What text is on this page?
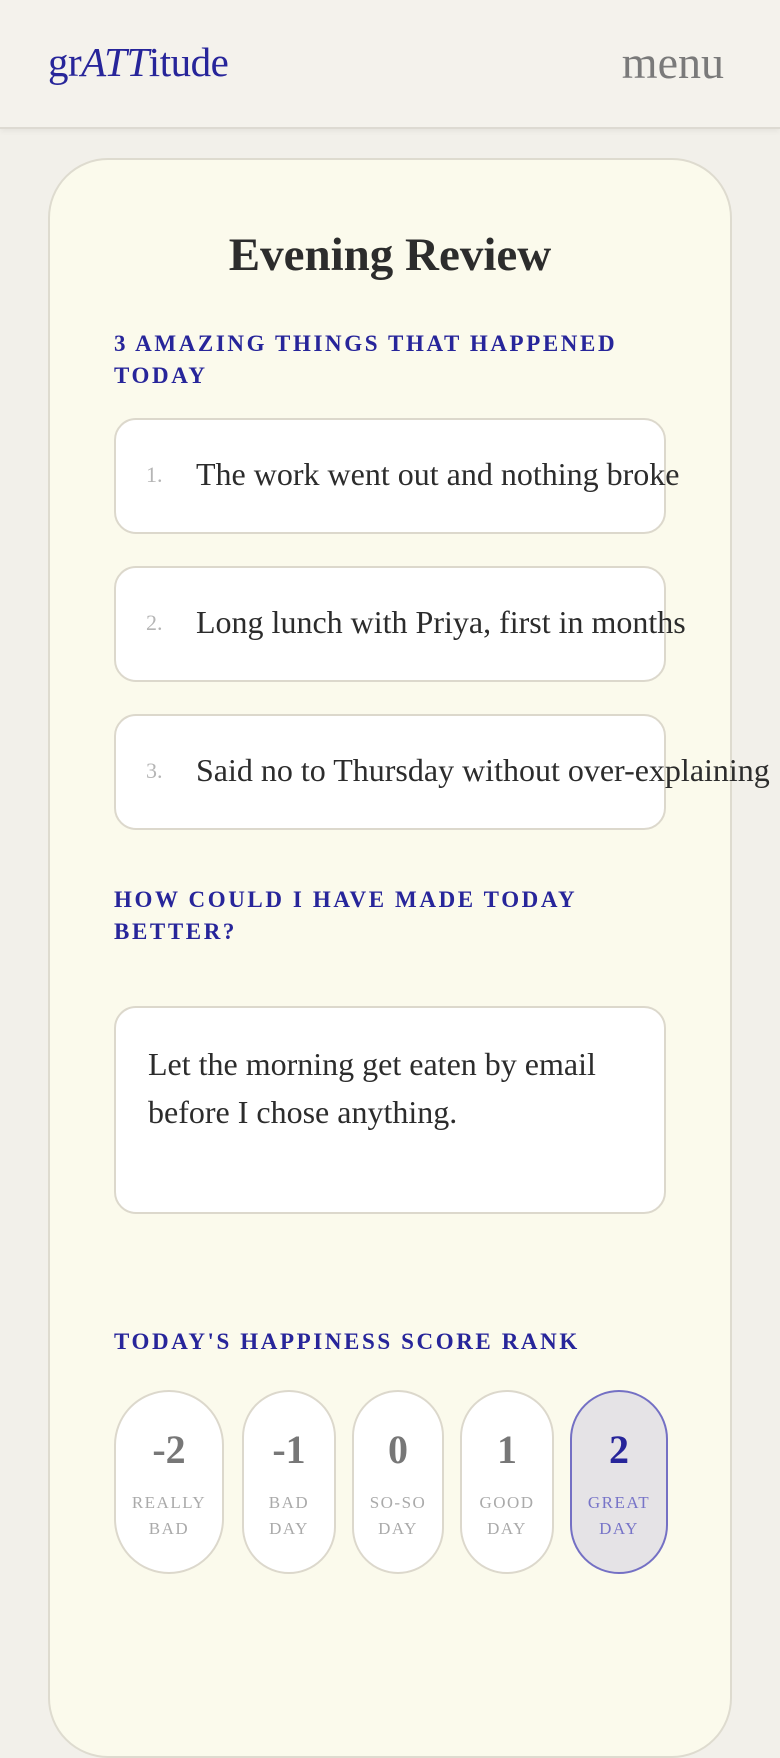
grATTitude	menu
Evening Review
3 AMAZING THINGS THAT HAPPENED TODAY
1. The work went out and nothing broke
2. Long lunch with Priya, first in months
3. Said no to Thursday without over-explaining
HOW COULD I HAVE MADE TODAY BETTER?
Let the morning get eaten by email before I chose anything.
TODAY'S HAPPINESS SCORE RANK
-2
REALLY
BAD
-1
BAD
DAY
0
SO-SO
DAY
1
GOOD
DAY
2
GREAT
DAY
